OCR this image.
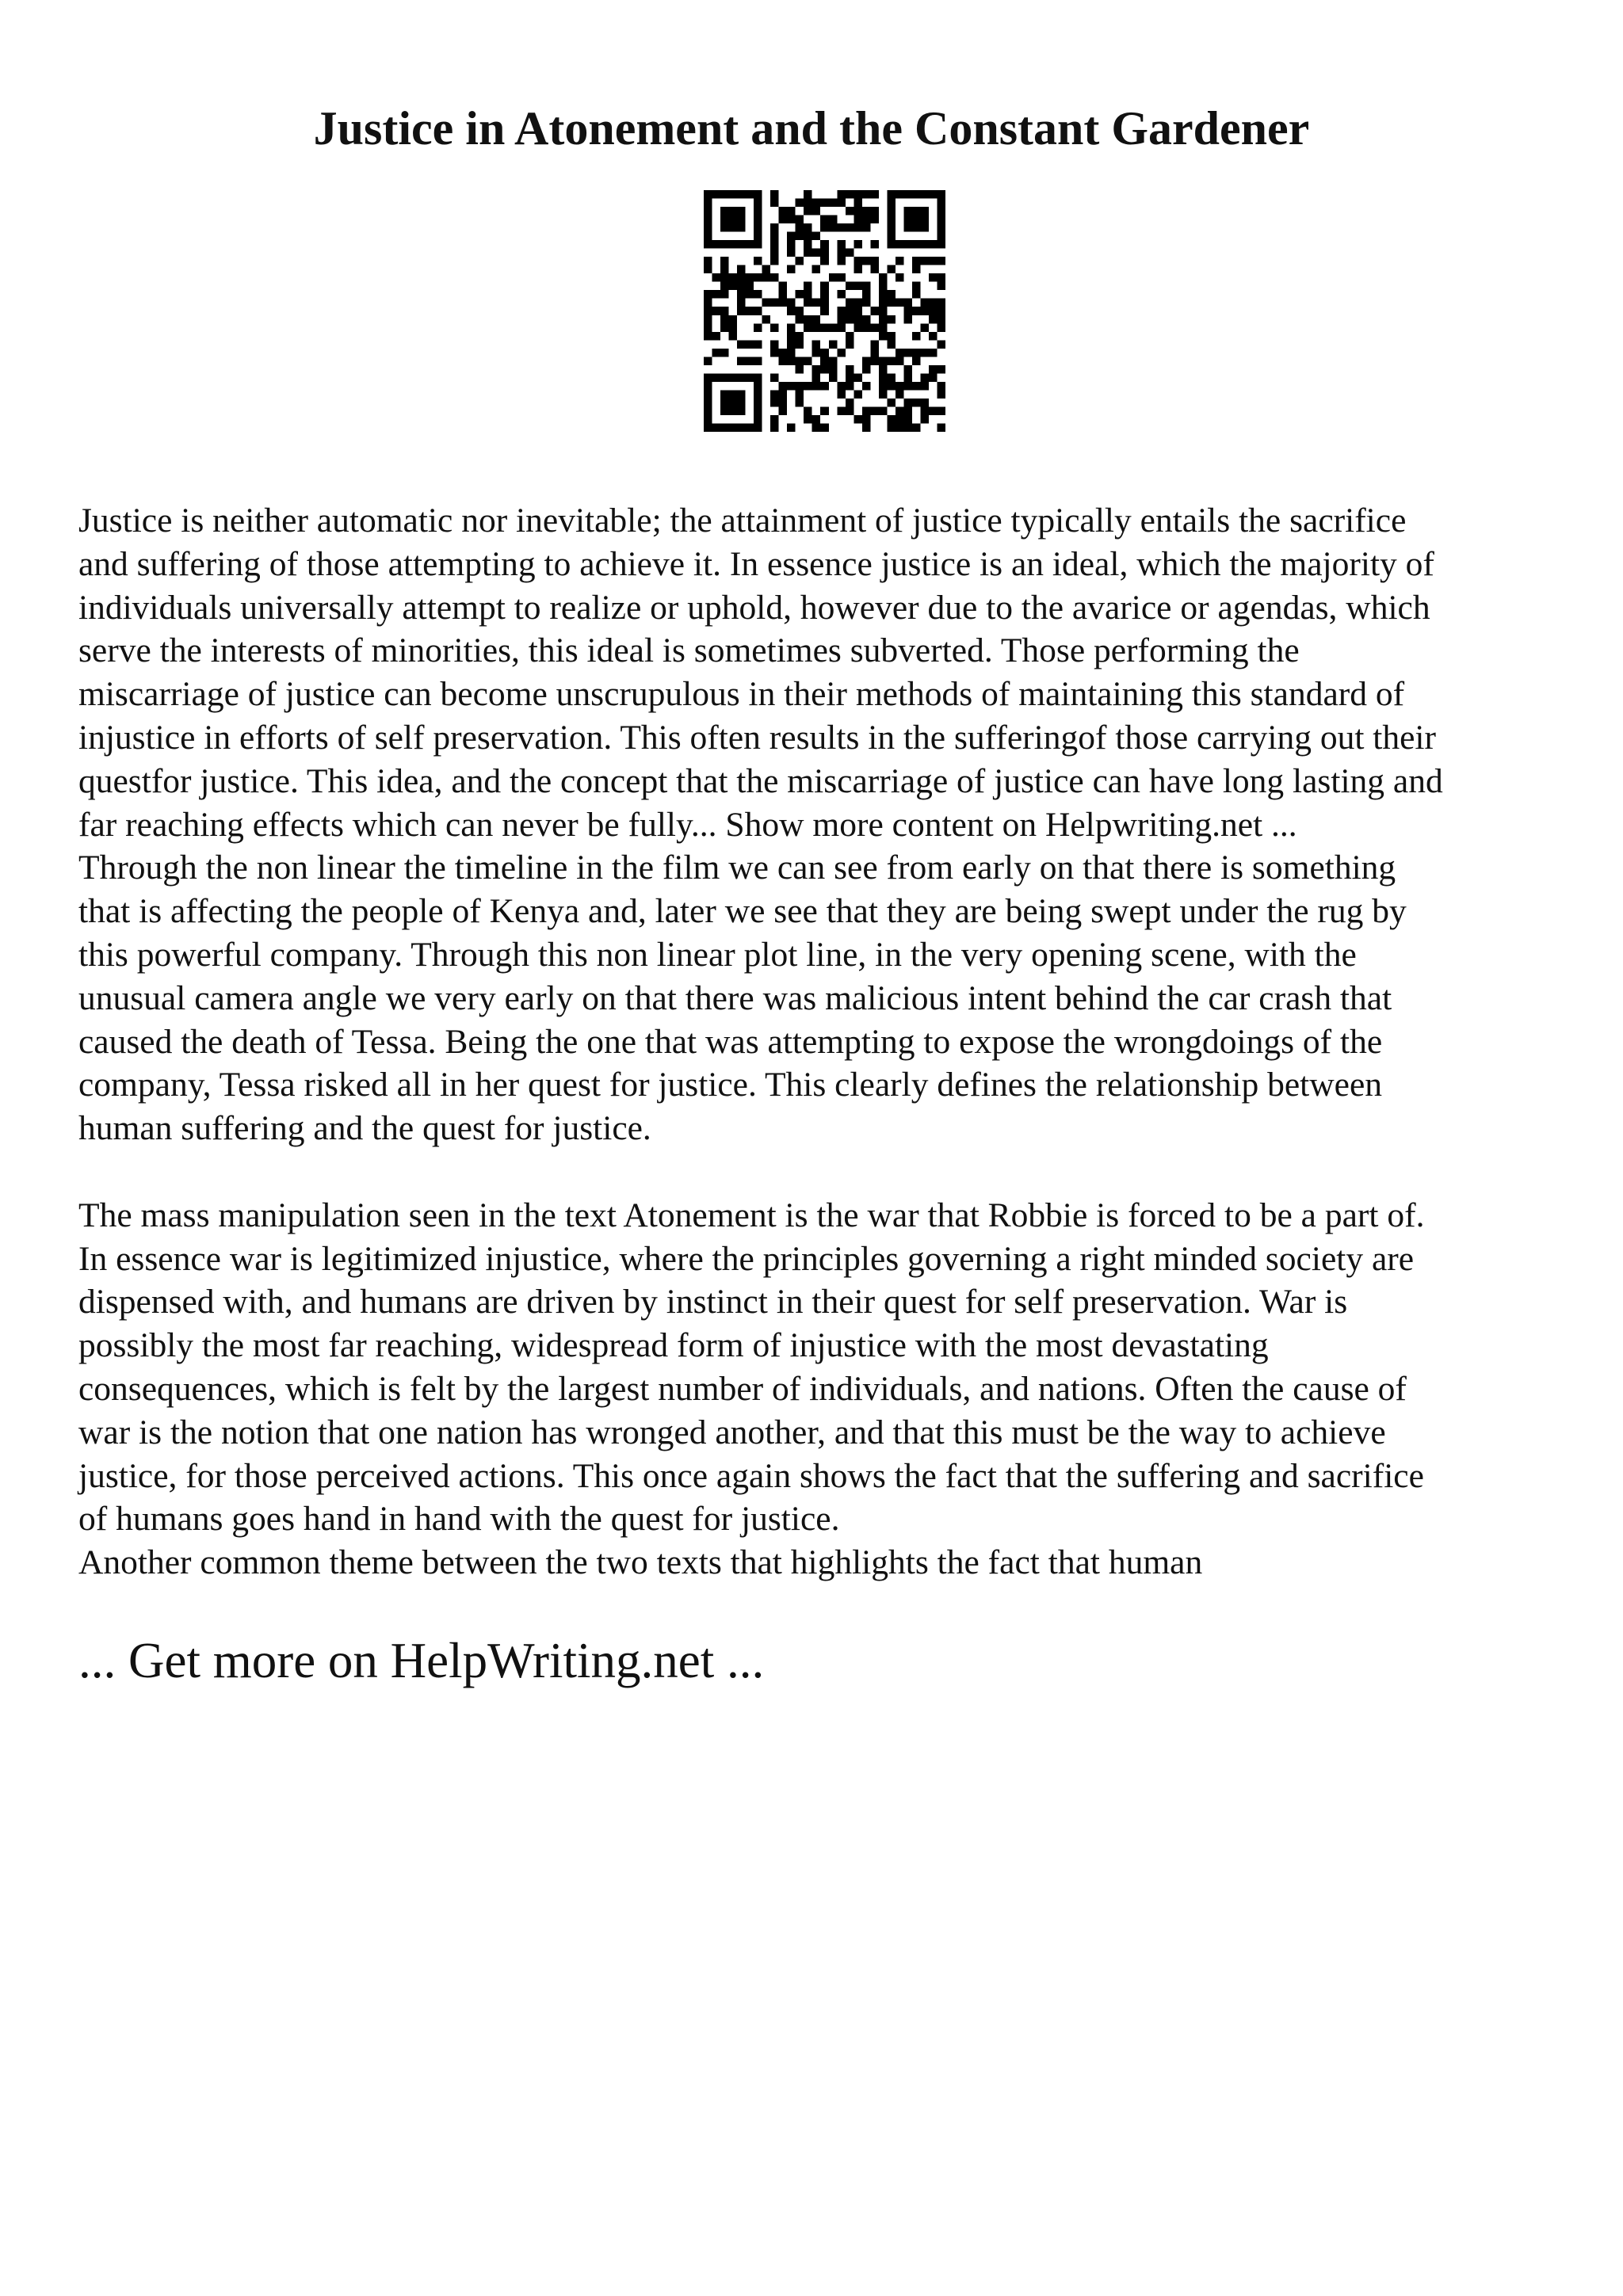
Justice in Atonement and the Constant Gardener

Justice is neither automatic nor inevitable; the attainment of justice typically entails the sacrifice
and suffering of those attempting to achieve it. In essence justice is an ideal, which the majority of
individuals universally attempt to realize or uphold, however due to the avarice or agendas, which
serve the interests of minorities, this ideal is sometimes subverted. Those performing the
miscarriage of justice can become unscrupulous in their methods of maintaining this standard of
injustice in efforts of self preservation. This often results in the sufferingof those carrying out their
questfor justice. This idea, and the concept that the miscarriage of justice can have long lasting and
far reaching effects which can never be fully... Show more content on Helpwriting.net ...
Through the non linear the timeline in the film we can see from early on that there is something
that is affecting the people of Kenya and, later we see that they are being swept under the rug by
this powerful company. Through this non linear plot line, in the very opening scene, with the
unusual camera angle we very early on that there was malicious intent behind the car crash that
caused the death of Tessa. Being the one that was attempting to expose the wrongdoings of the
company, Tessa risked all in her quest for justice. This clearly defines the relationship between
human suffering and the quest for justice.

The mass manipulation seen in the text Atonement is the war that Robbie is forced to be a part of.
In essence war is legitimized injustice, where the principles governing a right minded society are
dispensed with, and humans are driven by instinct in their quest for self preservation. War is
possibly the most far reaching, widespread form of injustice with the most devastating
consequences, which is felt by the largest number of individuals, and nations. Often the cause of
war is the notion that one nation has wronged another, and that this must be the way to achieve
justice, for those perceived actions. This once again shows the fact that the suffering and sacrifice
of humans goes hand in hand with the quest for justice.
Another common theme between the two texts that highlights the fact that human

... Get more on HelpWriting.net ...
